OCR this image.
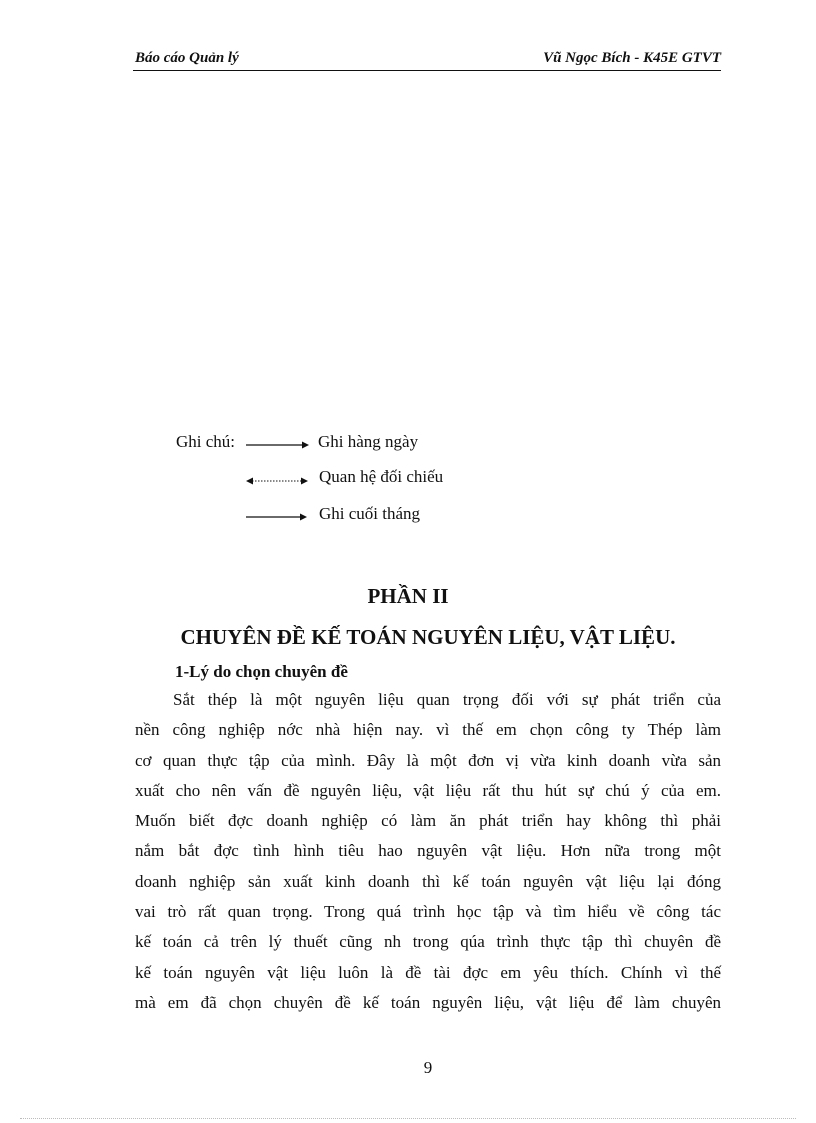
Báo cáo Quản lý	Vũ Ngọc Bích - K45E GTVT
Ghi chú:	Ghi hàng ngày
Quan hệ đối chiếu
Ghi cuối tháng
PHẦN II
CHUYÊN ĐỀ KẾ TOÁN NGUYÊN LIỆU, VẬT LIỆU.
1-Lý do chọn chuyên đề
Sắt thép là một nguyên liệu quan trọng đối với sự phát triển của
nền công nghiệp nớc nhà hiện nay. vì thế em chọn công ty Thép làm
cơ quan thực tập của mình. Đây là một đơn vị vừa kinh doanh vừa sản
xuất cho nên vấn đề nguyên liệu, vật liệu rất thu hút sự chú ý của em.
Muốn biết đợc doanh nghiệp có làm ăn phát triển hay không thì phải
nắm bắt đợc tình hình tiêu hao nguyên vật liệu. Hơn nữa trong một
doanh nghiệp sản xuất kinh doanh thì kế toán nguyên vật liệu lại đóng
vai trò rất quan trọng. Trong quá trình học tập và tìm hiểu về công tác
kế toán cả trên lý thuết cũng nh trong qúa trình thực tập thì chuyên đề
kế toán nguyên vật liệu luôn là đề tài đợc em yêu thích. Chính vì thế
mà em đã chọn chuyên đề kế toán nguyên liệu, vật liệu để làm chuyên
9
